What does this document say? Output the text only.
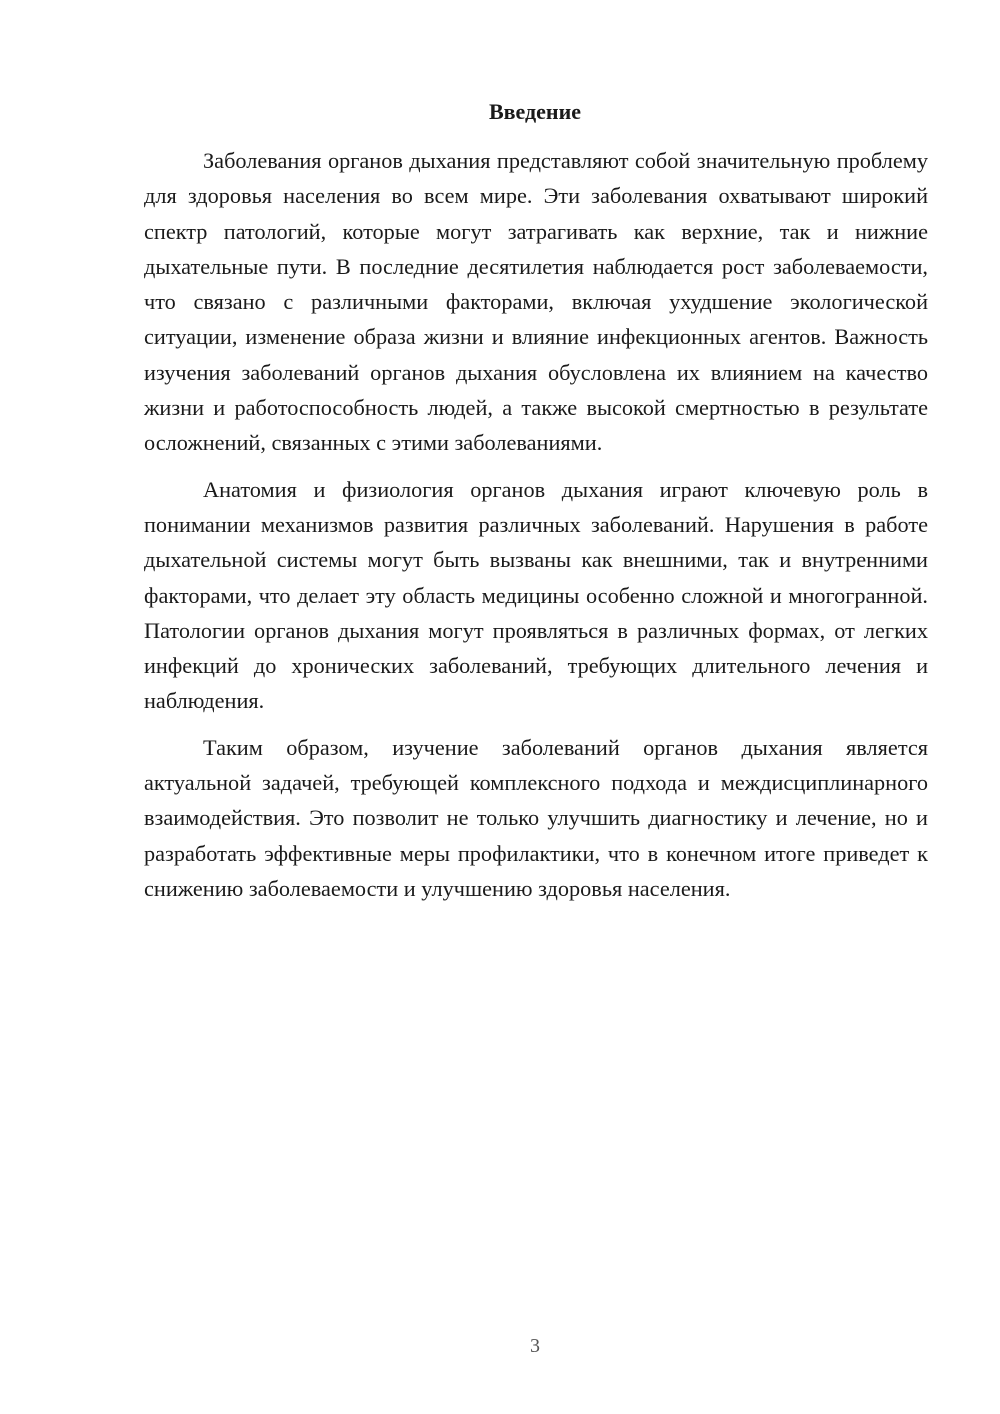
Введение

Заболевания органов дыхания представляют собой значительную проблему для здоровья населения во всем мире. Эти заболевания охватывают широкий спектр патологий, которые могут затрагивать как верхние, так и нижние дыхательные пути. В последние десятилетия наблюдается рост заболеваемости, что связано с различными факторами, включая ухудшение экологической ситуации, изменение образа жизни и влияние инфекционных агентов. Важность изучения заболеваний органов дыхания обусловлена их влиянием на качество жизни и работоспособность людей, а также высокой смертностью в результате осложнений, связанных с этими заболеваниями.

Анатомия и физиология органов дыхания играют ключевую роль в понимании механизмов развития различных заболеваний. Нарушения в работе дыхательной системы могут быть вызваны как внешними, так и внутренними факторами, что делает эту область медицины особенно сложной и многогранной. Патологии органов дыхания могут проявляться в различных формах, от легких инфекций до хронических заболеваний, требующих длительного лечения и наблюдения.

Таким образом, изучение заболеваний органов дыхания является актуальной задачей, требующей комплексного подхода и междисциплинарного взаимодействия. Это позволит не только улучшить диагностику и лечение, но и разработать эффективные меры профилактики, что в конечном итоге приведет к снижению заболеваемости и улучшению здоровья населения.

3
